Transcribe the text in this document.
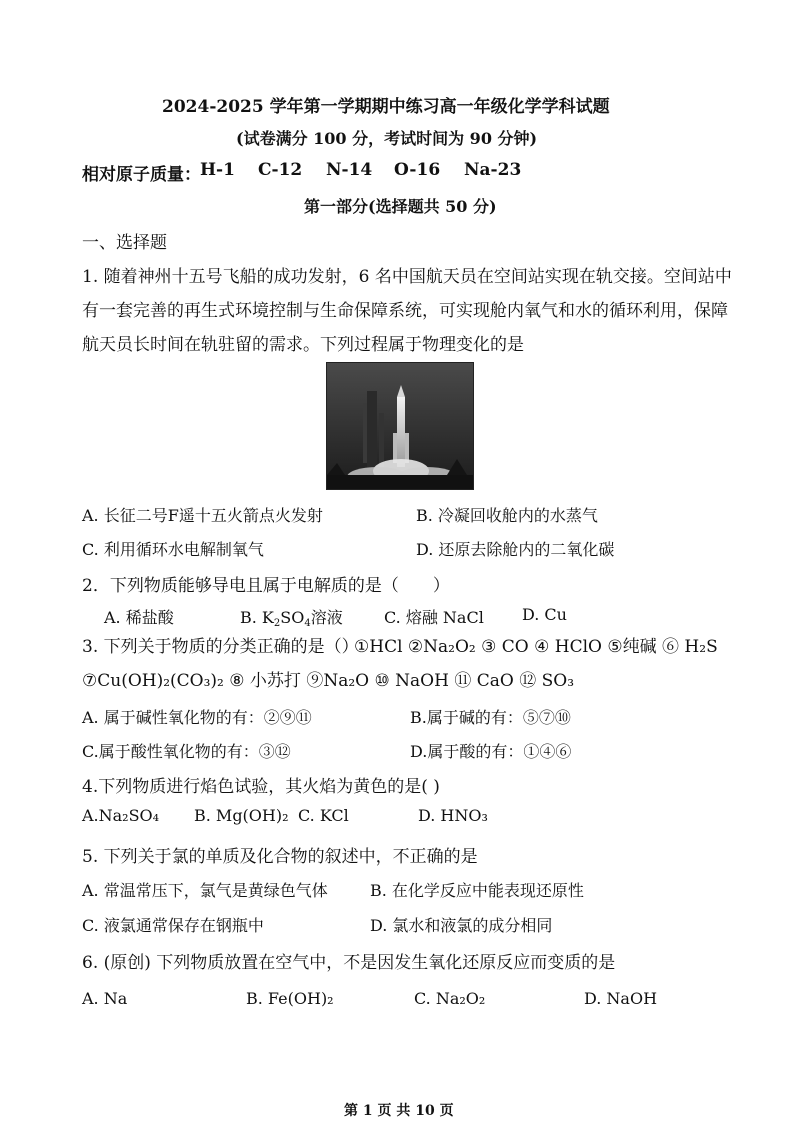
2024-2025 学年第一学期期中练习高一年级化学学科试题
(试卷满分 100 分，考试时间为 90 分钟)
相对原子质量： H-1 C-12 N-14 O-16 Na-23
第一部分(选择题共 50 分)
一、选择题
1. 随着神州十五号飞船的成功发射，6 名中国航天员在空间站实现在轨交接。空间站中
有一套完善的再生式环境控制与生命保障系统，可实现舱内氧气和水的循环利用，保障
航天员长时间在轨驻留的需求。下列过程属于物理变化的是
A. 长征二号F遥十五火箭点火发射	B. 冷凝回收舱内的水蒸气
C. 利用循环水电解制氧气	D. 还原去除舱内的二氧化碳
2．下列物质能够导电且属于电解质的是（　　）
A. 稀盐酸	B. $K_2SO_4$溶液	C. 熔融 NaCl D. Cu
3. 下列关于物质的分类正确的是（）
①HCl ②Na₂O₂ ③ CO ④ HClO ⑤纯碱 ⑥ H₂S
⑦Cu(OH)₂(CO₃)₂ ⑧ 小苏打 ⑨Na₂O ⑩ NaOH ⑪ CaO ⑫ SO₃
A. 属于碱性氧化物的有：②⑨⑪	B.属于碱的有：⑤⑦⑩
C.属于酸性氧化物的有：③⑫	D.属于酸的有：①④⑥
4.下列物质进行焰色试验，其火焰为黄色的是( )
A.Na₂SO₄ B. Mg(OH)₂ C. KCl	D. HNO₃
5. 下列关于氯的单质及化合物的叙述中，不正确的是
A. 常温常压下，氯气是黄绿色气体	B. 在化学反应中能表现还原性
C. 液氯通常保存在钢瓶中	D. 氯水和液氯的成分相同
6. (原创) 下列物质放置在空气中，不是因发生氧化还原反应而变质的是
A. Na	B. Fe(OH)₂	C. Na₂O₂	D. NaOH
第 1 页 共 10 页
